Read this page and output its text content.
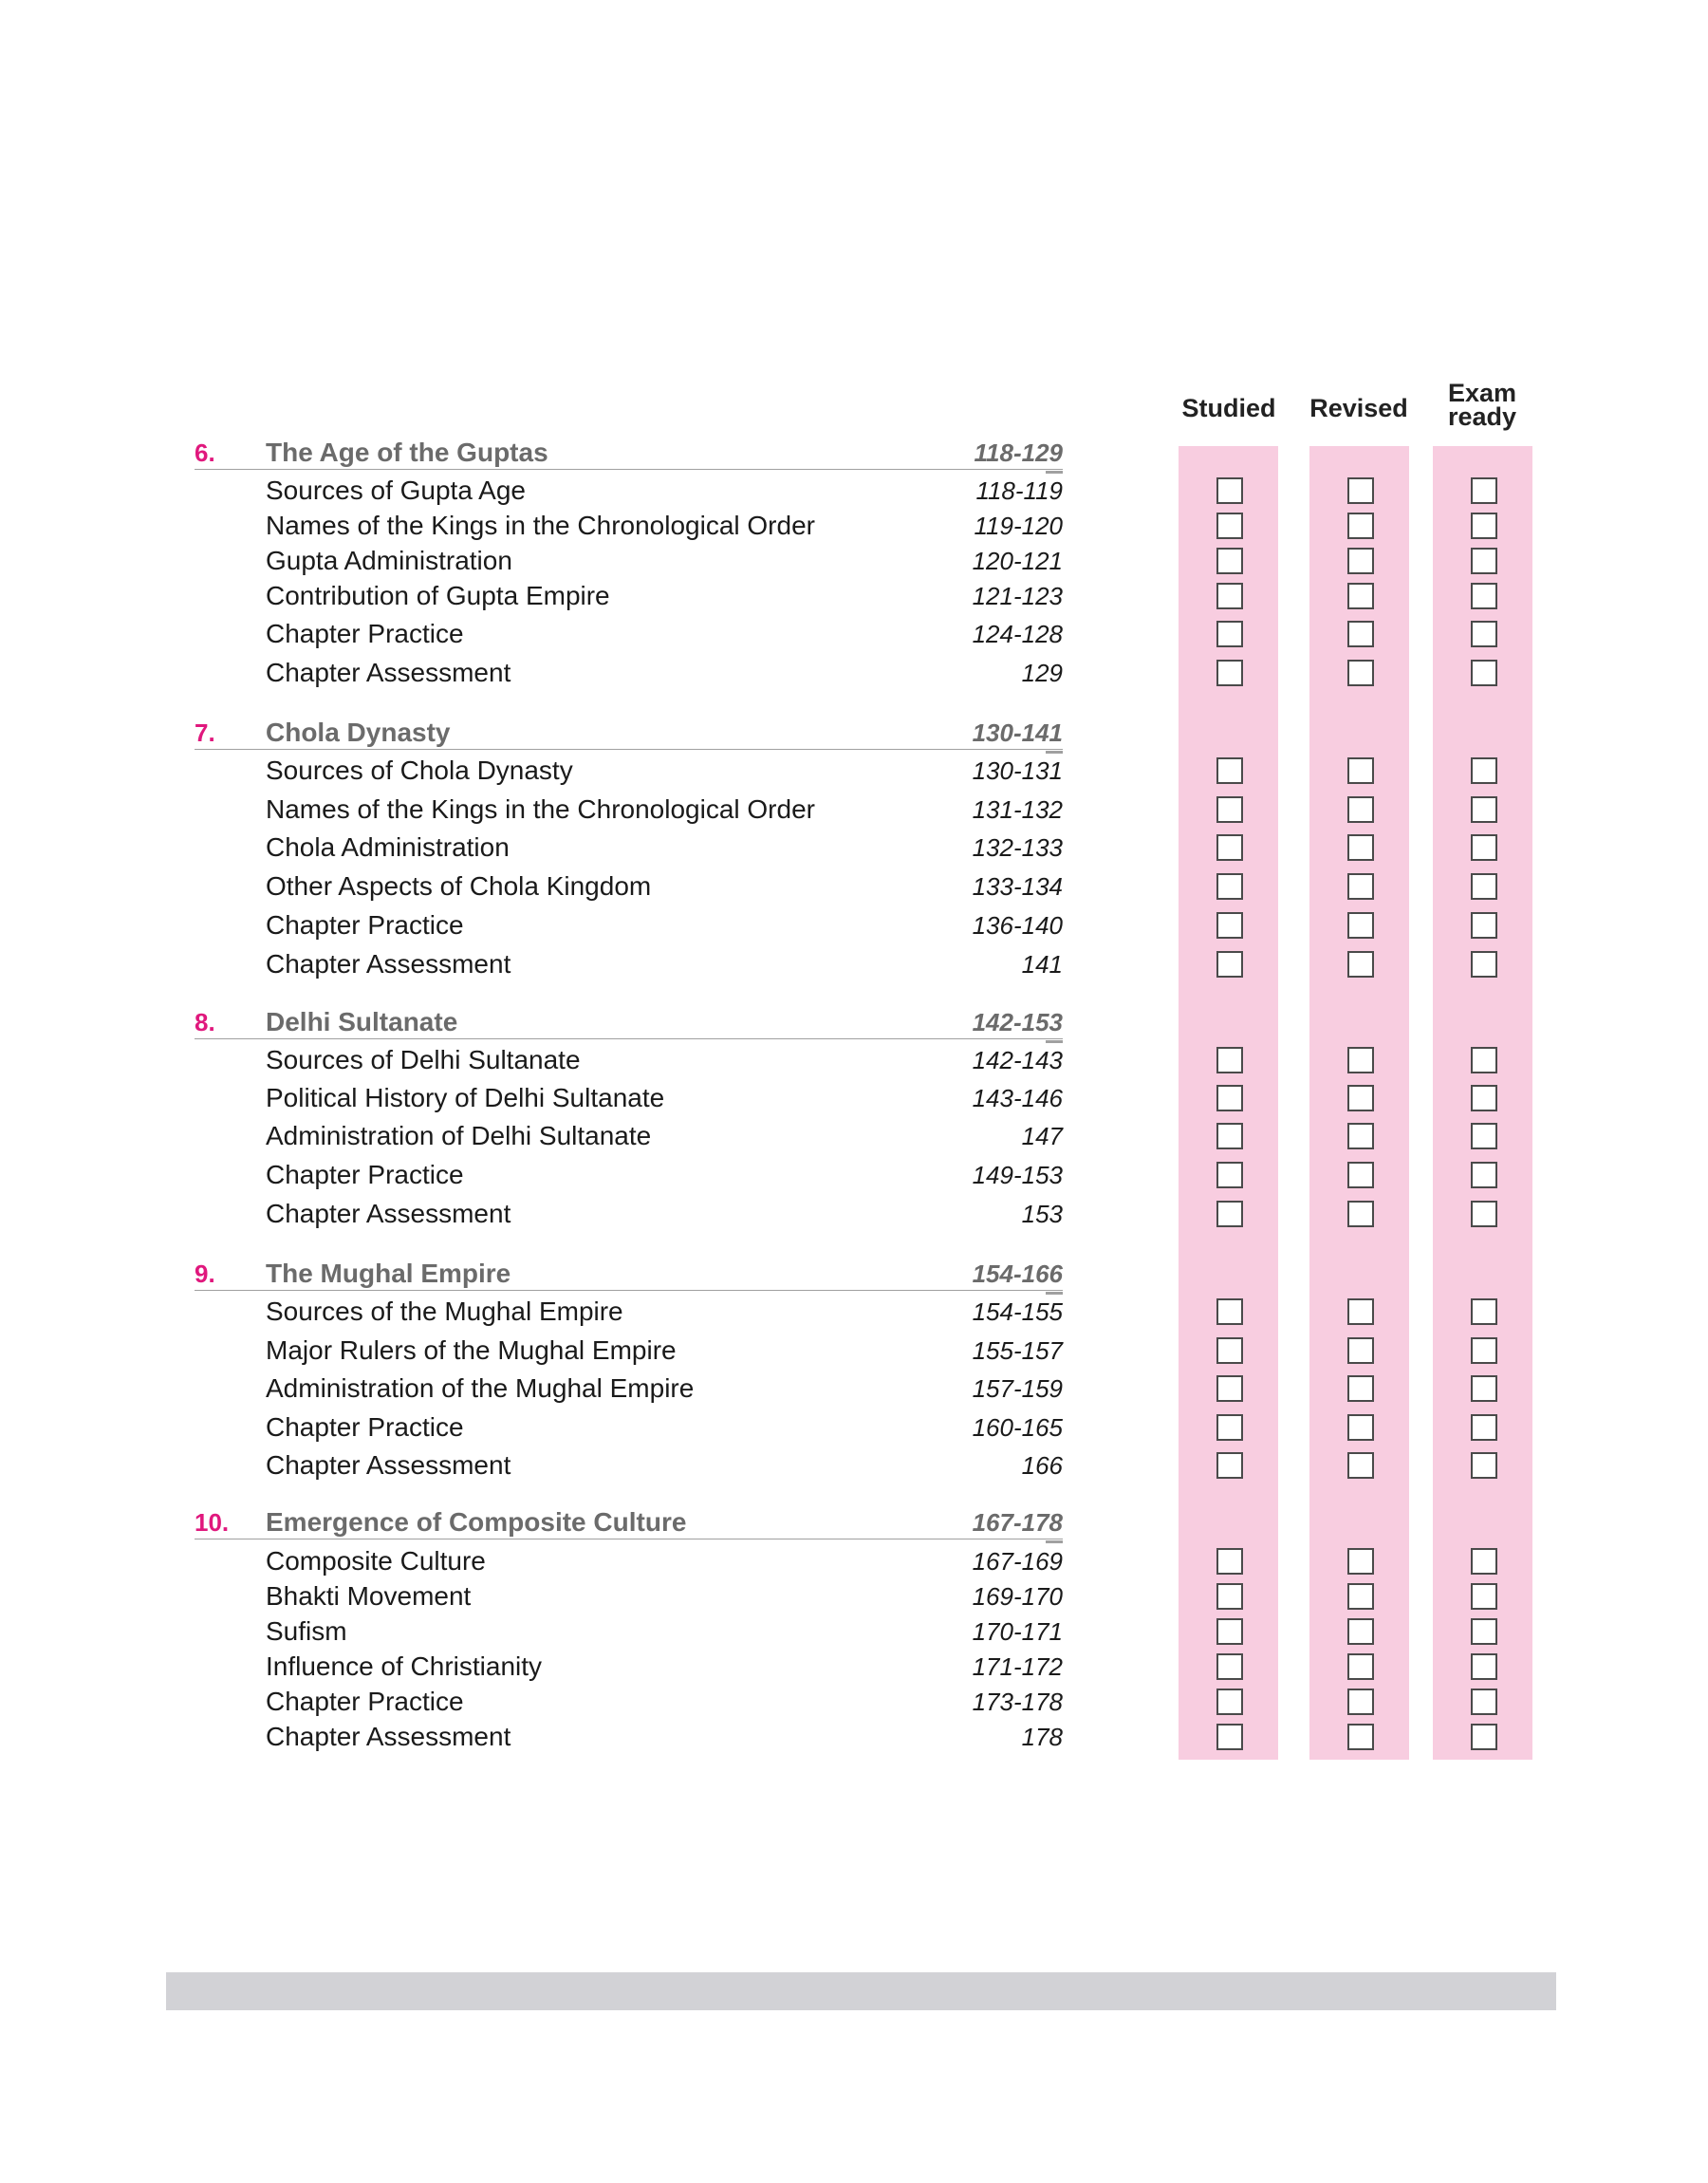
Studied	Revised
Exam
ready
6.	The Age of the Guptas	118-129
Sources of Gupta Age	118-119
Names of the Kings in the Chronological Order	119-120
Gupta Administration	120-121
Contribution of Gupta Empire	121-123
Chapter Practice	124-128
Chapter Assessment	129
7.	Chola Dynasty	130-141
Sources of Chola Dynasty	130-131
Names of the Kings in the Chronological Order	131-132
Chola Administration	132-133
Other Aspects of Chola Kingdom	133-134
Chapter Practice	136-140
Chapter Assessment	141
8.	Delhi Sultanate	142-153
Sources of Delhi Sultanate	142-143
Political History of Delhi Sultanate	143-146
Administration of Delhi Sultanate	147
Chapter Practice	149-153
Chapter Assessment	153
9.	The Mughal Empire	154-166
Sources of the Mughal Empire	154-155
Major Rulers of the Mughal Empire	155-157
Administration of the Mughal Empire	157-159
Chapter Practice	160-165
Chapter Assessment	166
10.	Emergence of Composite Culture	167-178
Composite Culture	167-169
Bhakti Movement	169-170
Sufism	170-171
Influence of Christianity	171-172
Chapter Practice	173-178
Chapter Assessment	178
